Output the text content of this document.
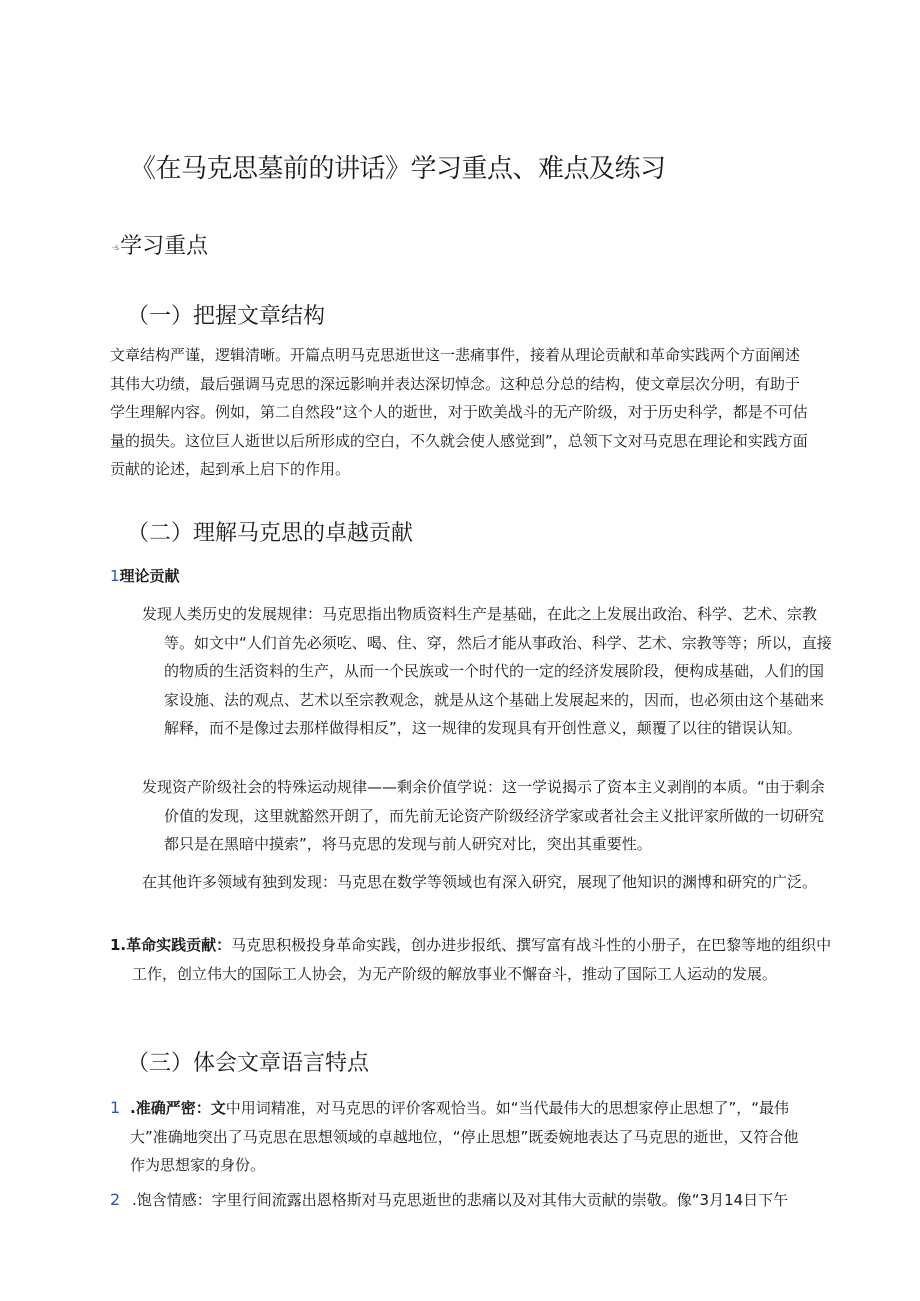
《在马克思墓前的讲话》学习重点、难点及练习
-s学习重点
（一）把握文章结构

文章结构严谨，逻辑清晰。开篇点明马克思逝世这一悲痛事件，接着从理论贡献和革命实践两个方面阐述其伟大功绩，最后强调马克思的深远影响并表达深切悼念。这种总分总的结构，使文章层次分明，有助于学生理解内容。例如，第二自然段“这个人的逝世，对于欧美战斗的无产阶级，对于历史科学，都是不可估量的损失。这位巨人逝世以后所形成的空白，不久就会使人感觉到”，总领下文对马克思在理论和实践方面贡献的论述，起到承上启下的作用。

（二）理解马克思的卓越贡献

1理论贡献

发现人类历史的发展规律：马克思指出物质资料生产是基础，在此之上发展出政治、科学、艺术、宗教等。如文中“人们首先必须吃、喝、住、穿，然后才能从事政治、科学、艺术、宗教等等；所以，直接的物质的生活资料的生产，从而一个民族或一个时代的一定的经济发展阶段，便构成基础，人们的国家设施、法的观点、艺术以至宗教观念，就是从这个基础上发展起来的，因而，也必须由这个基础来解释，而不是像过去那样做得相反”，这一规律的发现具有开创性意义，颠覆了以往的错误认知。

发现资产阶级社会的特殊运动规律——剩余价值学说：这一学说揭示了资本主义剥削的本质。“由于剩余价值的发现，这里就豁然开朗了，而先前无论资产阶级经济学家或者社会主义批评家所做的一切研究都只是在黑暗中摸索”，将马克思的发现与前人研究对比，突出其重要性。

在其他许多领域有独到发现：马克思在数学等领域也有深入研究，展现了他知识的渊博和研究的广泛。

1.革命实践贡献：马克思积极投身革命实践，创办进步报纸、撰写富有战斗性的小册子，在巴黎等地的组织中工作，创立伟大的国际工人协会，为无产阶级的解放事业不懈奋斗，推动了国际工人运动的发展。

（三）体会文章语言特点
1 .准确严密：文中用词精准，对马克思的评价客观恰当。如“当代最伟大的思想家停止思想了”，“最伟大”准确地突出了马克思在思想领域的卓越地位，“停止思想”既委婉地表达了马克思的逝世，又符合他作为思想家的身份。
2 .饱含情感：字里行间流露出恩格斯对马克思逝世的悲痛以及对其伟大贡献的崇敬。像“3月14日下午
